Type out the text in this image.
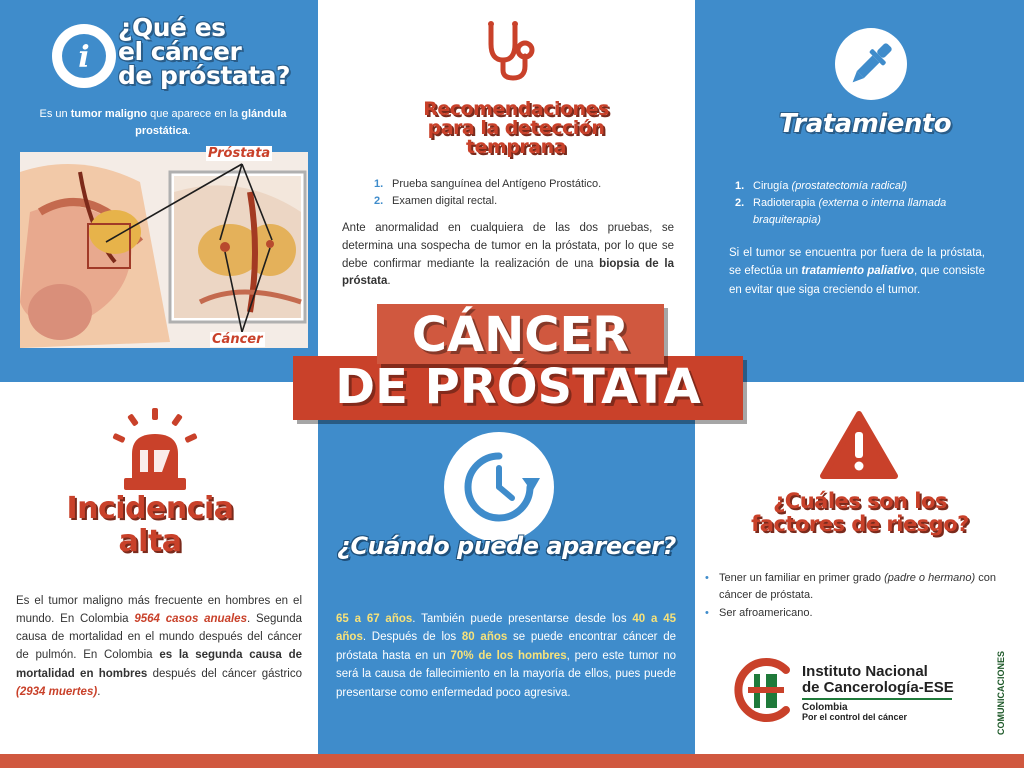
i
¿Qué es
el cáncer
de próstata?
Es un tumor maligno que aparece en la glándula prostática.
Próstata
Cáncer
Recomendaciones
para la detección
temprana
1. Prueba sanguínea del Antígeno Prostático.
2. Examen digital rectal.
Ante anormalidad en cualquiera de las dos pruebas, se determina una sospecha de tumor en la próstata, por lo que se debe confirmar mediante la realización de una biopsia de la próstata.
Tratamiento
1. Cirugía (prostatectomía radical)
2. Radioterapia (externa o interna llamada braquiterapia)
Si el tumor se encuentra por fuera de la próstata, se efectúa un tratamiento paliativo, que consiste en evitar que siga creciendo el tumor.
Incidencia
alta
Es el tumor maligno más frecuente en hombres en el mundo. En Colombia 9564 casos anuales. Segunda causa de mortalidad en el mundo después del cáncer de pulmón. En Colombia es la segunda causa de mortalidad en hombres después del cáncer gástrico (2934 muertes).
¿Cuándo puede aparecer?
65 a 67 años. También puede presentarse desde los 40 a 45 años. Después de los 80 años se puede encontrar cáncer de próstata hasta en un 70% de los hombres, pero este tumor no será la causa de fallecimiento en la mayoría de ellos, pues puede presentarse como enfermedad poco agresiva.
¿Cuáles son los
factores de riesgo?
• Tener un familiar en primer grado (padre o hermano) con cáncer de próstata.
• Ser afroamericano.
Instituto Nacional
de Cancerología-ESE
Colombia
Por el control del cáncer	COMUNICACIONES
CÁNCER
DE PRÓSTATA
